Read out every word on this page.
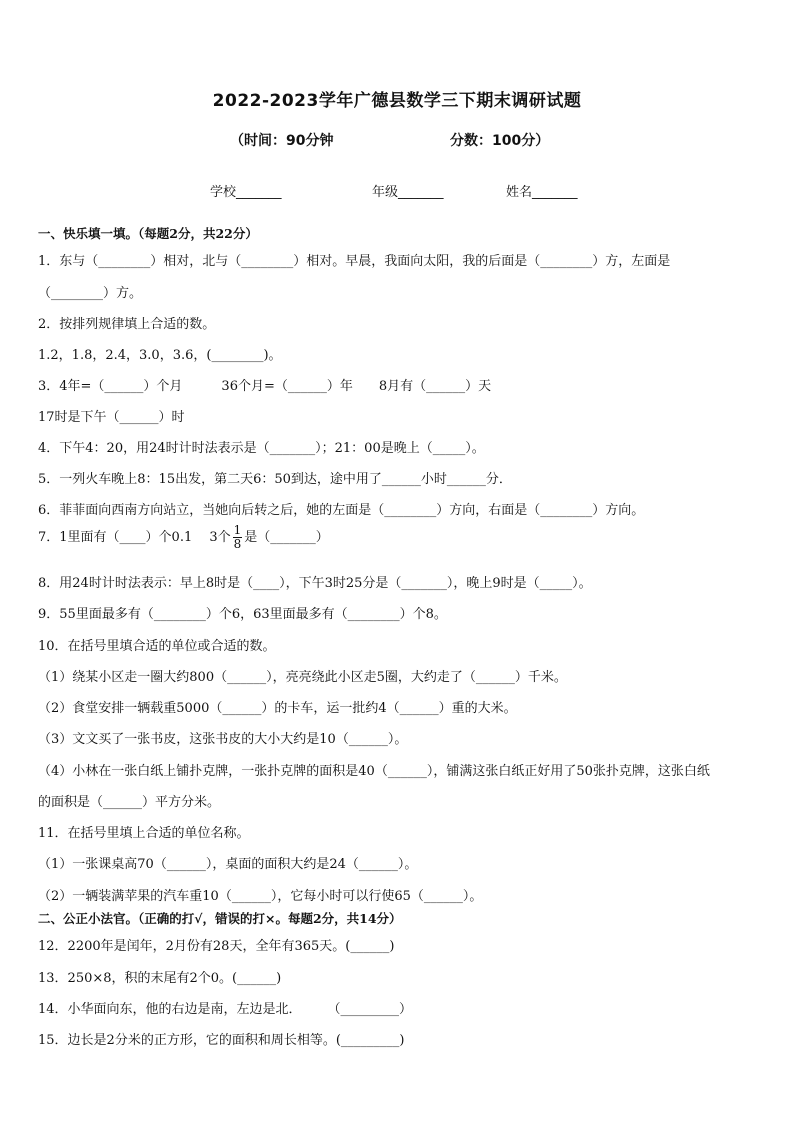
2022-2023学年广德县数学三下期末调研试题
（时间：90分钟	分数：100分）
学校_______	年级_______	姓名_______
一、快乐填一填。（每题2分，共22分）
1．东与（________）相对，北与（________）相对。早晨，我面向太阳，我的后面是（________）方，左面是
（________）方。
2．按排列规律填上合适的数。
1.2，1.8，2.4，3.0，3.6，(________)。
3．4年=（______）个月　　　36个月=（______）年　　8月有（______）天
17时是下午（______）时
4．下午4：20，用24时计时法表示是（_______）；21：00是晚上（_____）。
5．一列火车晚上8：15出发，第二天6：50到达，途中用了______小时______分．
6．菲菲面向西南方向站立，当她向后转之后，她的左面是（________）方向，右面是（________）方向。
7．1里面有（____）个0.1　 3个 $\frac{1}{8}$ 是（_______）
8．用24时计时法表示：早上8时是（____），下午3时25分是（_______），晚上9时是（_____）。
9．55里面最多有（________）个6，63里面最多有（________）个8。
10．在括号里填合适的单位或合适的数。
（1）绕某小区走一圈大约800（______），亮亮绕此小区走5圈，大约走了（______）千米。
（2）食堂安排一辆载重5000（______）的卡车，运一批约4（______）重的大米。
（3）文文买了一张书皮，这张书皮的大小大约是10（______）。
（4）小林在一张白纸上铺扑克牌，一张扑克牌的面积是40（______），铺满这张白纸正好用了50张扑克牌，这张白纸
的面积是（______）平方分米。
11．在括号里填上合适的单位名称。
（1）一张课桌高70（______），桌面的面积大约是24（______）。
（2）一辆装满苹果的汽车重10（______），它每小时可以行使65（______）。
二、公正小法官。（正确的打√，错误的打×。每题2分，共14分）
12．2200年是闰年，2月份有28天，全年有365天。(______)
13．250×8，积的末尾有2个0。(______)
14．小华面向东，他的右边是南，左边是北．　　　（_________）
15．边长是2分米的正方形，它的面积和周长相等。(_________)
